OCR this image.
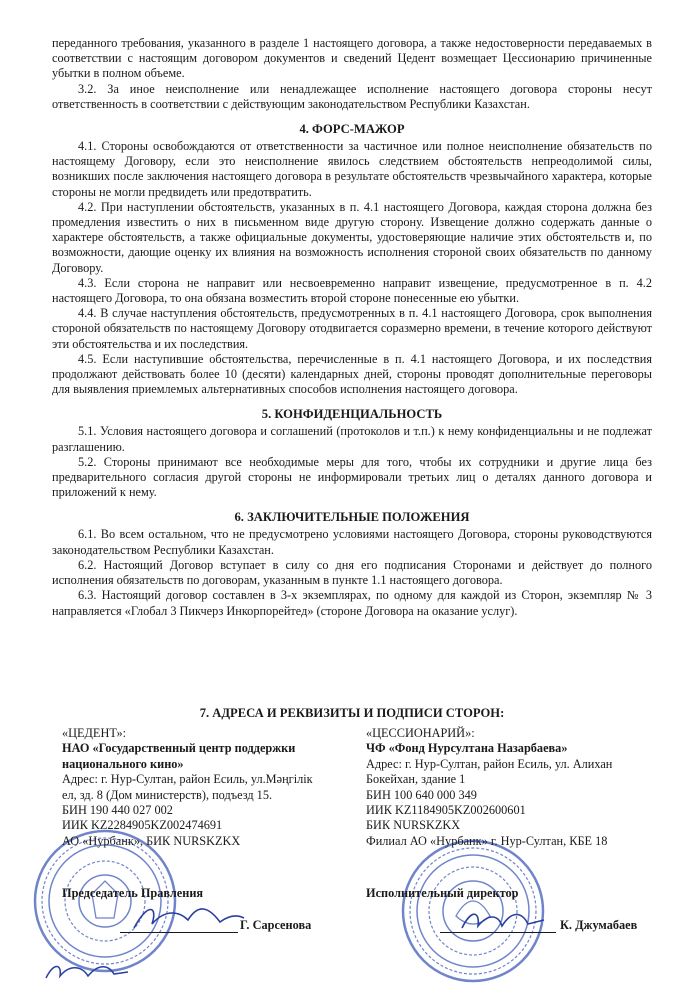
переданного требования, указанного в разделе 1 настоящего договора, а также недостоверности передаваемых в соответствии с настоящим договором документов и сведений Цедент возмещает Цессионарию причиненные убытки в полном объеме.

3.2. За иное неисполнение или ненадлежащее исполнение настоящего договора стороны несут ответственность в соответствии с действующим законодательством Республики Казахстан.

4. ФОРС-МАЖОР

4.1. Стороны освобождаются от ответственности за частичное или полное неисполнение обязательств по настоящему Договору, если это неисполнение явилось следствием обстоятельств непреодолимой силы, возникших после заключения настоящего договора в результате обстоятельств чрезвычайного характера, которые стороны не могли предвидеть или предотвратить.

4.2. При наступлении обстоятельств, указанных в п. 4.1 настоящего Договора, каждая сторона должна без промедления известить о них в письменном виде другую сторону. Извещение должно содержать данные о характере обстоятельств, а также официальные документы, удостоверяющие наличие этих обстоятельств и, по возможности, дающие оценку их влияния на возможность исполнения стороной своих обязательств по данному Договору.

4.3. Если сторона не направит или несвоевременно направит извещение, предусмотренное в п. 4.2 настоящего Договора, то она обязана возместить второй стороне понесенные ею убытки.

4.4. В случае наступления обстоятельств, предусмотренных в п. 4.1 настоящего Договора, срок выполнения стороной обязательств по настоящему Договору отодвигается соразмерно времени, в течение которого действуют эти обстоятельства и их последствия.

4.5. Если наступившие обстоятельства, перечисленные в п. 4.1 настоящего Договора, и их последствия продолжают действовать более 10 (десяти) календарных дней, стороны проводят дополнительные переговоры для выявления приемлемых альтернативных способов исполнения настоящего договора.

5. КОНФИДЕНЦИАЛЬНОСТЬ

5.1. Условия настоящего договора и соглашений (протоколов и т.п.) к нему конфиденциальны и не подлежат разглашению.

5.2. Стороны принимают все необходимые меры для того, чтобы их сотрудники и другие лица без предварительного согласия другой стороны не информировали третьих лиц о деталях данного договора и приложений к нему.

6. ЗАКЛЮЧИТЕЛЬНЫЕ ПОЛОЖЕНИЯ

6.1. Во всем остальном, что не предусмотрено условиями настоящего Договора, стороны руководствуются законодательством Республики Казахстан.

6.2. Настоящий Договор вступает в силу со дня его подписания Сторонами и действует до полного исполнения обязательств по договорам, указанным в пункте 1.1 настоящего договора.

6.3. Настоящий договор составлен в 3-х экземплярах, по одному для каждой из Сторон, экземпляр № 3 направляется «Глобал 3 Пикчерз Инкорпорейтед» (стороне Договора на оказание услуг).

7. АДРЕСА И РЕКВИЗИТЫ И ПОДПИСИ СТОРОН:
«ЦЕДЕНТ»:
НАО «Государственный центр поддержки
национального кино»
Адрес: г. Нур-Султан, район Есиль, ул.Мәңгілік
ел, зд. 8 (Дом министерств), подъезд 15.
БИН 190 440 027 002
ИИК KZ2284905KZ002474691
АО «Нурбанк», БИК NURSKZKX
«ЦЕССИОНАРИЙ»:
ЧФ «Фонд Нурсултана Назарбаева»
Адрес: г. Нур-Султан, район Есиль, ул. Алихан
Бокейхан, здание 1
БИН 100 640 000 349
ИИК KZ1184905KZ002600601
БИК NURSKZKX
Филиал АО «Нурбанк» г. Нур-Султан, КБЕ 18
Председатель Правления	Исполнительный директор
Г. Сарсенова	К. Джумабаев
